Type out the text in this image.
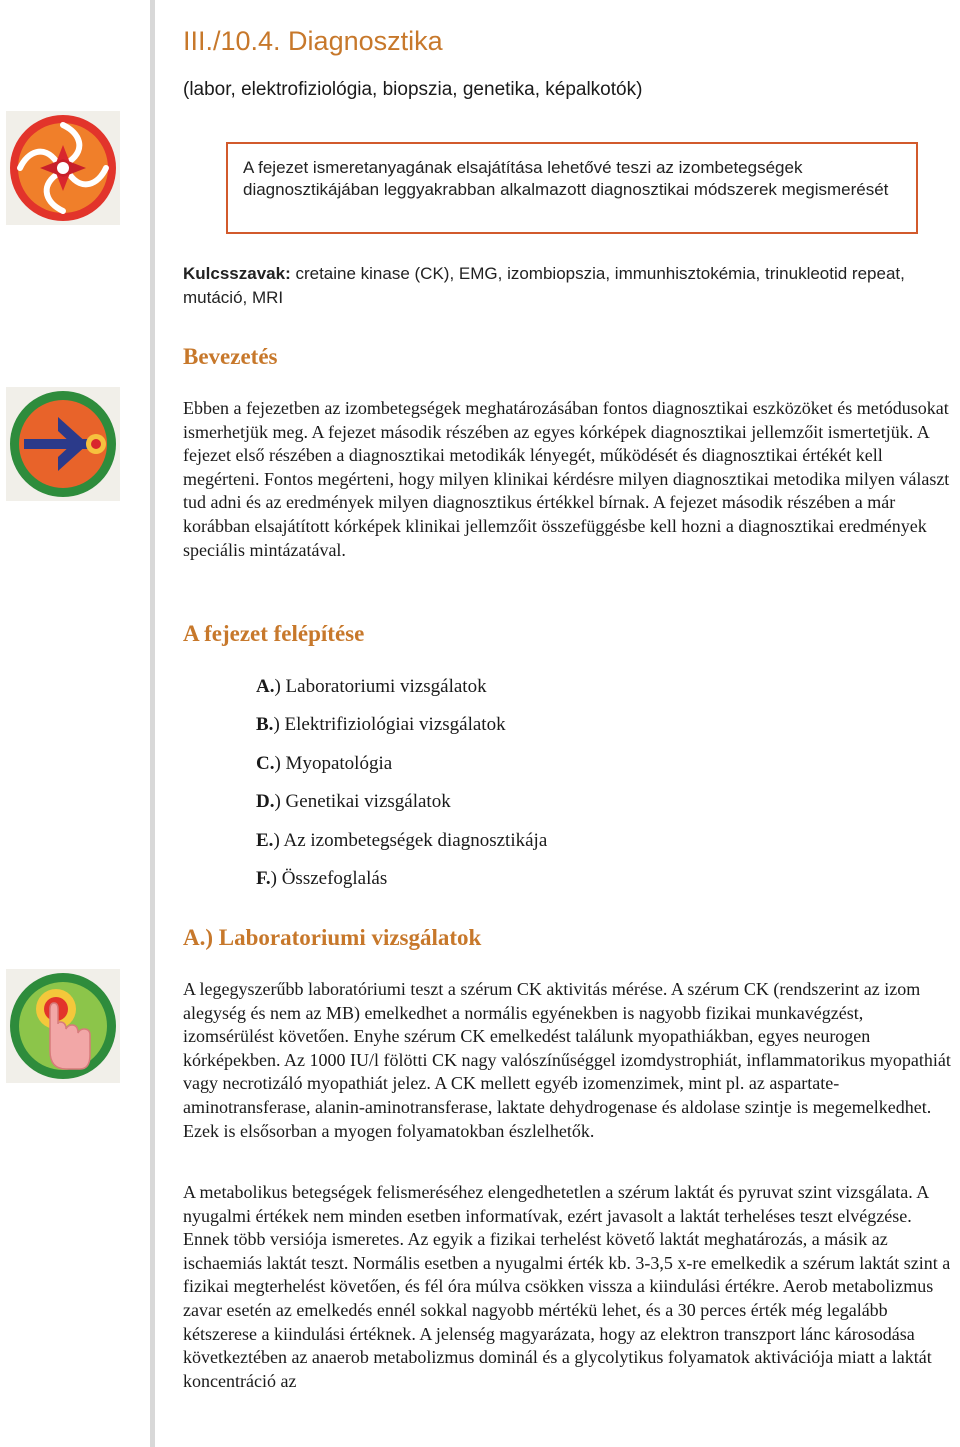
III./10.4. Diagnosztika

(labor, elektrofiziológia, biopszia, genetika, képalkotók)

A fejezet ismeretanyagának elsajátítása lehetővé teszi az izombetegségek diagnosztikájában leggyakrabban alkalmazott diagnosztikai módszerek megismerését

Kulcsszavak: cretaine kinase (CK), EMG, izombiopszia, immunhisztokémia, trinukleotid repeat, mutáció, MRI

Bevezetés

Ebben a fejezetben az izombetegségek meghatározásában fontos diagnosztikai eszközöket és metódusokat ismerhetjük meg. A fejezet második részében az egyes kórképek diagnosztikai jellemzőit ismertetjük. A fejezet első részében a diagnosztikai metodikák lényegét, működését és diagnosztikai értékét kell megérteni. Fontos megérteni, hogy milyen klinikai kérdésre milyen diagnosztikai metodika milyen választ tud adni és az eredmények milyen diagnosztikus értékkel bírnak. A fejezet második részében a már korábban elsajátított kórképek klinikai jellemzőit összefüggésbe kell hozni a diagnosztikai eredmények speciális mintázatával.

A fejezet felépítése
A.) Laboratoriumi vizsgálatok
B.) Elektrifiziológiai vizsgálatok
C.) Myopatológia
D.) Genetikai vizsgálatok
E.) Az izombetegségek diagnosztikája
F.) Összefoglalás
A.) Laboratoriumi vizsgálatok

A legegyszerűbb laboratóriumi teszt a szérum CK aktivitás mérése. A szérum CK (rendszerint az izom alegység és nem az MB) emelkedhet a normális egyénekben is nagyobb fizikai munkavégzést, izomsérülést követően. Enyhe szérum CK emelkedést találunk myopathiákban, egyes neurogen kórképekben. Az 1000 IU/l fölötti CK nagy valószínűséggel izomdystrophiát, inflammatorikus myopathiát vagy necrotizáló myopathiát jelez. A CK mellett egyéb izomenzimek, mint pl. az aspartate-aminotransferase, alanin-aminotransferase, laktate dehydrogenase és aldolase szintje is megemelkedhet. Ezek is elsősorban a myogen folyamatokban észlelhetők.

A metabolikus betegségek felismeréséhez elengedhetetlen a szérum laktát és pyruvat szint vizsgálata. A nyugalmi értékek nem minden esetben informatívak, ezért javasolt a laktát terheléses teszt elvégzése. Ennek több versiója ismeretes. Az egyik a fizikai terhelést követő laktát meghatározás, a másik az ischaemiás laktát teszt. Normális esetben a nyugalmi érték kb. 3-3,5 x-re emelkedik a szérum laktát szint a fizikai megterhelést követően, és fél óra múlva csökken vissza a kiindulási értékre. Aerob metabolizmus zavar esetén az emelkedés ennél sokkal nagyobb mértékü lehet, és a 30 perces érték még legalább kétszerese a kiindulási értéknek. A jelenség magyarázata, hogy az elektron transzport lánc károsodása következtében az anaerob metabolizmus dominál és a glycolytikus folyamatok aktivációja miatt a laktát koncentráció az
